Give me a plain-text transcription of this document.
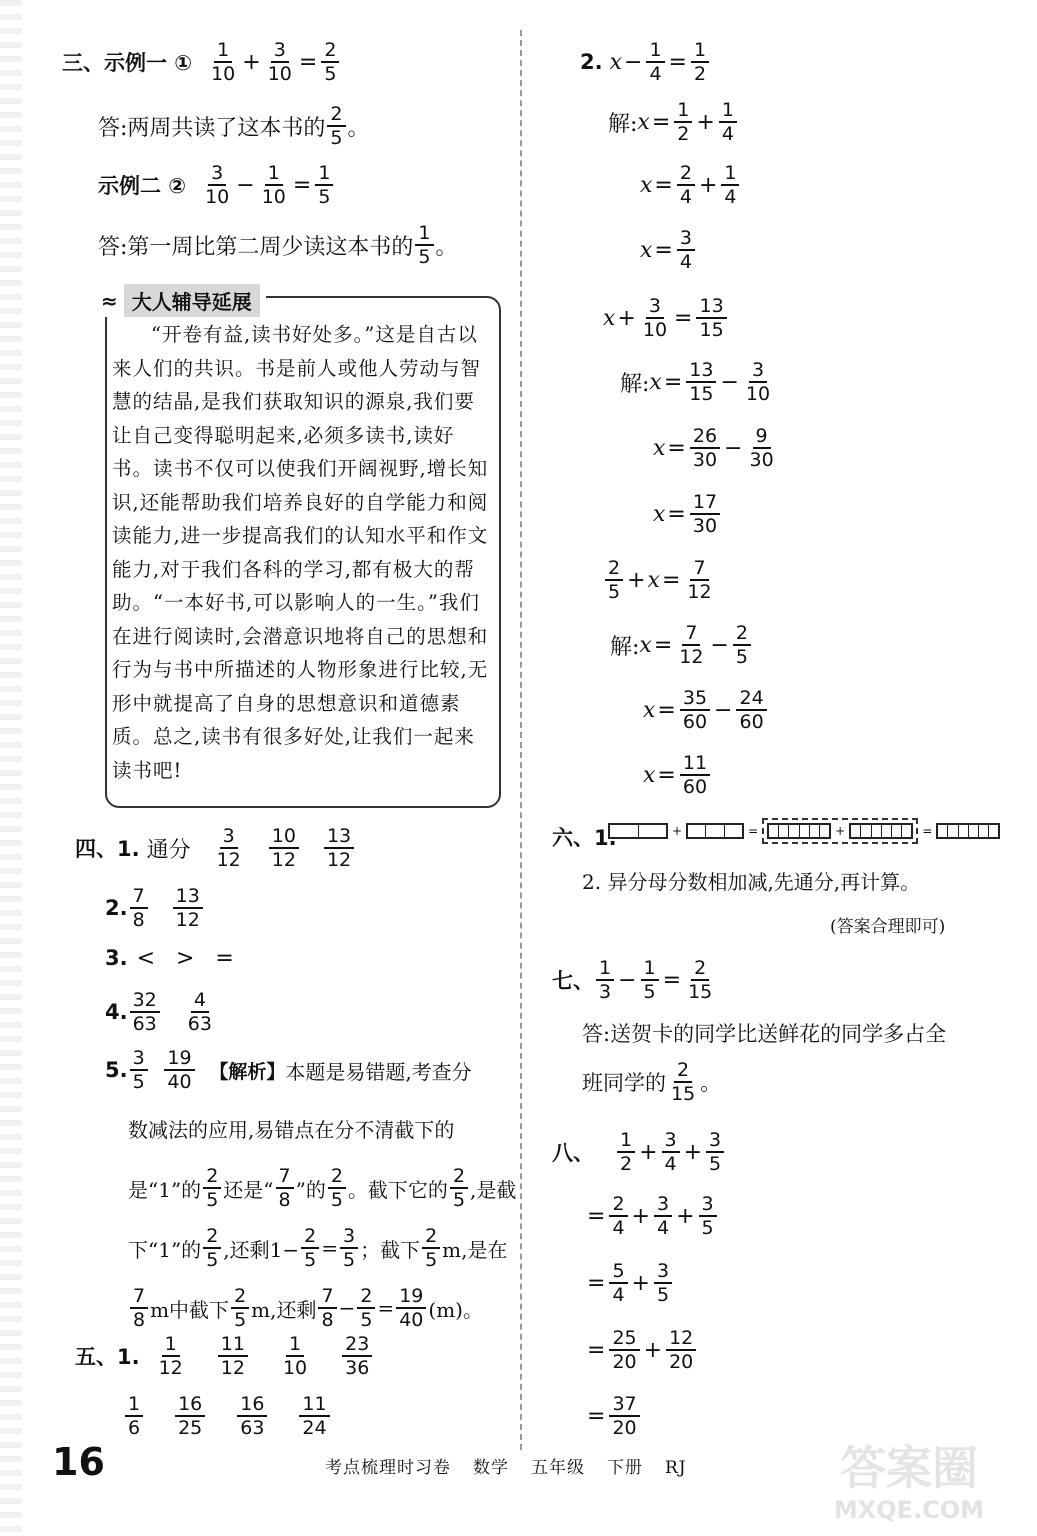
三、示例一 ①
$\frac{1}{10} + \frac{3}{10} = \frac{2}{5}$
答:两周共读了这本书的 $\frac{2}{5}$ 。
示例二 ②
$\frac{3}{10} - \frac{1}{10} = \frac{1}{5}$
答:第一周比第二周少读这本书的 $\frac{1}{5}$ 。
≈ 大人辅导延展
“开卷有益,读书好处多。”这是自古以来人们的共识。书是前人或他人劳动与智慧的结晶,是我们获取知识的源泉,我们要让自己变得聪明起来,必须多读书,读好书。读书不仅可以使我们开阔视野,增长知识,还能帮助我们培养良好的自学能力和阅读能力,进一步提高我们的认知水平和作文能力,对于我们各科的学习,都有极大的帮助。“一本好书,可以影响人的一生。”我们在进行阅读时,会潜意识地将自己的思想和行为与书中所描述的人物形象进行比较,无形中就提高了自身的思想意识和道德素质。总之,读书有很多好处,让我们一起来读书吧!
四、1.
通分
$\frac{3}{12}$
$\frac{10}{12}$
$\frac{13}{12}$
2. $\frac{7}{8}$
$\frac{13}{12}$
3.
<   >   =
4. $\frac{32}{63}$
$\frac{4}{63}$
5. $\frac{3}{5}$
$\frac{19}{40}$
【解析】 本题是易错题,考查分
数减法的应用,易错点在分不清截下的
是“1”的 $\frac{2}{5}$ 还是“ $\frac{7}{8}$ ”的 $\frac{2}{5}$ 。截下它的 $\frac{2}{5}$ ,是截
下“1”的 $\frac{2}{5}$ ,还剩$1- \frac{2}{5} = \frac{3}{5}$ ；截下 $\frac{2}{5} m$,是在
$\frac{7}{8}$ m中截下 $\frac{2}{5} m$,还剩 $\frac{7}{8} - \frac{2}{5} = \frac{19}{40} (m)$。
五、1.
$\frac{1}{12}$
$\frac{11}{12}$
$\frac{1}{10}$
$\frac{23}{36}$
$\frac{1}{6}$
$\frac{16}{25}$
$\frac{16}{63}$
$\frac{11}{24}$
2.
$x - \frac{1}{4} = \frac{1}{2}$
解: $x = \frac{1}{2} + \frac{1}{4}$
$x = \frac{2}{4} + \frac{1}{4}$
$x = \frac{3}{4}$
$x + \frac{3}{10} = \frac{13}{15}$
解: $x = \frac{13}{15} - \frac{3}{10}$
$x = \frac{26}{30} - \frac{9}{30}$
$x = \frac{17}{30}$
$\frac{2}{5} + x = \frac{7}{12}$
解: $x = \frac{7}{12} - \frac{2}{5}$
$x = \frac{35}{60} - \frac{24}{60}$
$x = \frac{11}{60}$
六、1.	+	=	+	=
2. 异分母分数相加减,先通分,再计算。
(答案合理即可)
七、 $\frac{1}{3} - \frac{1}{5} = \frac{2}{15}$
答:送贺卡的同学比送鲜花的同学多占全
班同学的 $\frac{2}{15}$ 。
八、
$\frac{1}{2} + \frac{3}{4} + \frac{3}{5}$
= $\frac{2}{4} + \frac{3}{4} + \frac{3}{5}$
= $\frac{5}{4} + \frac{3}{5}$
= $\frac{25}{20} + \frac{12}{20}$
= $\frac{37}{20}$
16	考点梳理时习卷 数学 五年级 下册 RJ	答案圈
MXQE.COM
